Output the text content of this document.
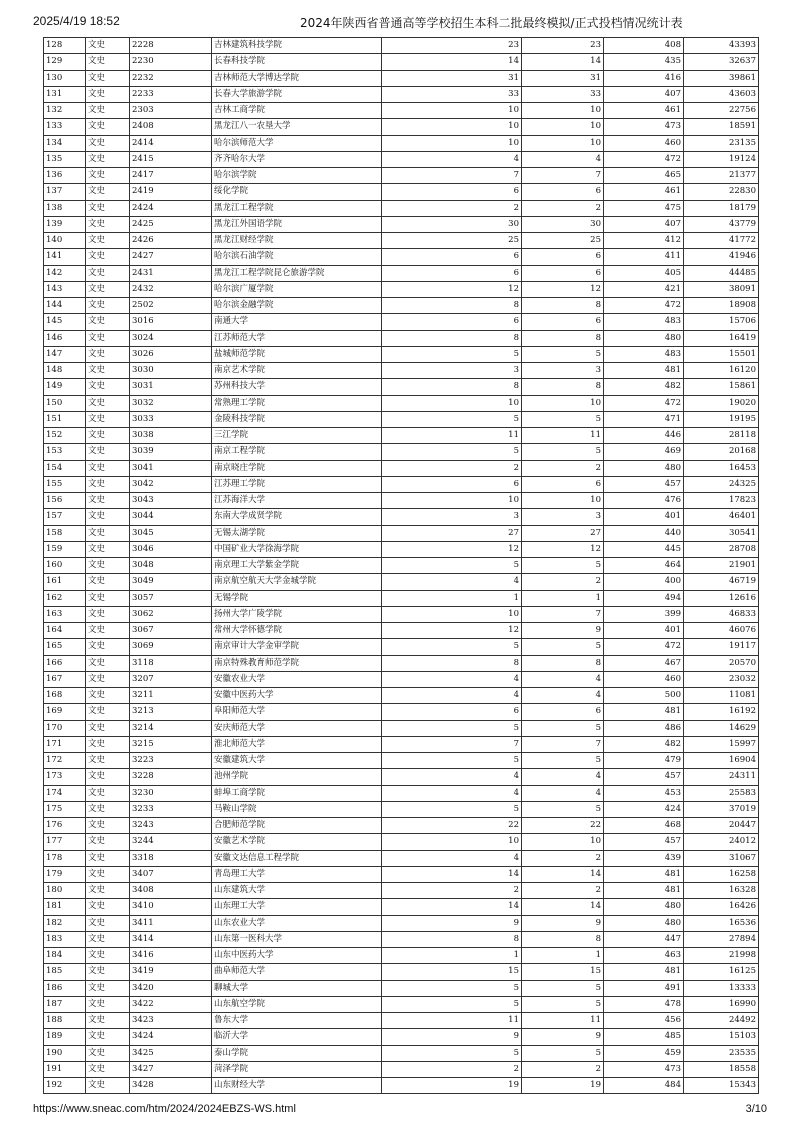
2025/4/19 18:52	2024年陕西省普通高等学校招生本科二批最终模拟/正式投档情况统计表
128	文史	2228	吉林建筑科技学院	23	23	408	43393
129	文史	2230	长春科技学院	14	14	435	32637
130	文史	2232	吉林师范大学博达学院	31	31	416	39861
131	文史	2233	长春大学旅游学院	33	33	407	43603
132	文史	2303	吉林工商学院	10	10	461	22756
133	文史	2408	黑龙江八一农垦大学	10	10	473	18591
134	文史	2414	哈尔滨师范大学	10	10	460	23135
135	文史	2415	齐齐哈尔大学	4	4	472	19124
136	文史	2417	哈尔滨学院	7	7	465	21377
137	文史	2419	绥化学院	6	6	461	22830
138	文史	2424	黑龙江工程学院	2	2	475	18179
139	文史	2425	黑龙江外国语学院	30	30	407	43779
140	文史	2426	黑龙江财经学院	25	25	412	41772
141	文史	2427	哈尔滨石油学院	6	6	411	41946
142	文史	2431	黑龙江工程学院昆仑旅游学院	6	6	405	44485
143	文史	2432	哈尔滨广厦学院	12	12	421	38091
144	文史	2502	哈尔滨金融学院	8	8	472	18908
145	文史	3016	南通大学	6	6	483	15706
146	文史	3024	江苏师范大学	8	8	480	16419
147	文史	3026	盐城师范学院	5	5	483	15501
148	文史	3030	南京艺术学院	3	3	481	16120
149	文史	3031	苏州科技大学	8	8	482	15861
150	文史	3032	常熟理工学院	10	10	472	19020
151	文史	3033	金陵科技学院	5	5	471	19195
152	文史	3038	三江学院	11	11	446	28118
153	文史	3039	南京工程学院	5	5	469	20168
154	文史	3041	南京晓庄学院	2	2	480	16453
155	文史	3042	江苏理工学院	6	6	457	24325
156	文史	3043	江苏海洋大学	10	10	476	17823
157	文史	3044	东南大学成贤学院	3	3	401	46401
158	文史	3045	无锡太湖学院	27	27	440	30541
159	文史	3046	中国矿业大学徐海学院	12	12	445	28708
160	文史	3048	南京理工大学紫金学院	5	5	464	21901
161	文史	3049	南京航空航天大学金城学院	4	2	400	46719
162	文史	3057	无锡学院	1	1	494	12616
163	文史	3062	扬州大学广陵学院	10	7	399	46833
164	文史	3067	常州大学怀德学院	12	9	401	46076
165	文史	3069	南京审计大学金审学院	5	5	472	19117
166	文史	3118	南京特殊教育师范学院	8	8	467	20570
167	文史	3207	安徽农业大学	4	4	460	23032
168	文史	3211	安徽中医药大学	4	4	500	11081
169	文史	3213	阜阳师范大学	6	6	481	16192
170	文史	3214	安庆师范大学	5	5	486	14629
171	文史	3215	淮北师范大学	7	7	482	15997
172	文史	3223	安徽建筑大学	5	5	479	16904
173	文史	3228	池州学院	4	4	457	24311
174	文史	3230	蚌埠工商学院	4	4	453	25583
175	文史	3233	马鞍山学院	5	5	424	37019
176	文史	3243	合肥师范学院	22	22	468	20447
177	文史	3244	安徽艺术学院	10	10	457	24012
178	文史	3318	安徽文达信息工程学院	4	2	439	31067
179	文史	3407	青岛理工大学	14	14	481	16258
180	文史	3408	山东建筑大学	2	2	481	16328
181	文史	3410	山东理工大学	14	14	480	16426
182	文史	3411	山东农业大学	9	9	480	16536
183	文史	3414	山东第一医科大学	8	8	447	27894
184	文史	3416	山东中医药大学	1	1	463	21998
185	文史	3419	曲阜师范大学	15	15	481	16125
186	文史	3420	聊城大学	5	5	491	13333
187	文史	3422	山东航空学院	5	5	478	16990
188	文史	3423	鲁东大学	11	11	456	24492
189	文史	3424	临沂大学	9	9	485	15103
190	文史	3425	泰山学院	5	5	459	23535
191	文史	3427	菏泽学院	2	2	473	18558
192	文史	3428	山东财经大学	19	19	484	15343
https://www.sneac.com/htm/2024/2024EBZS-WS.html	3/10
